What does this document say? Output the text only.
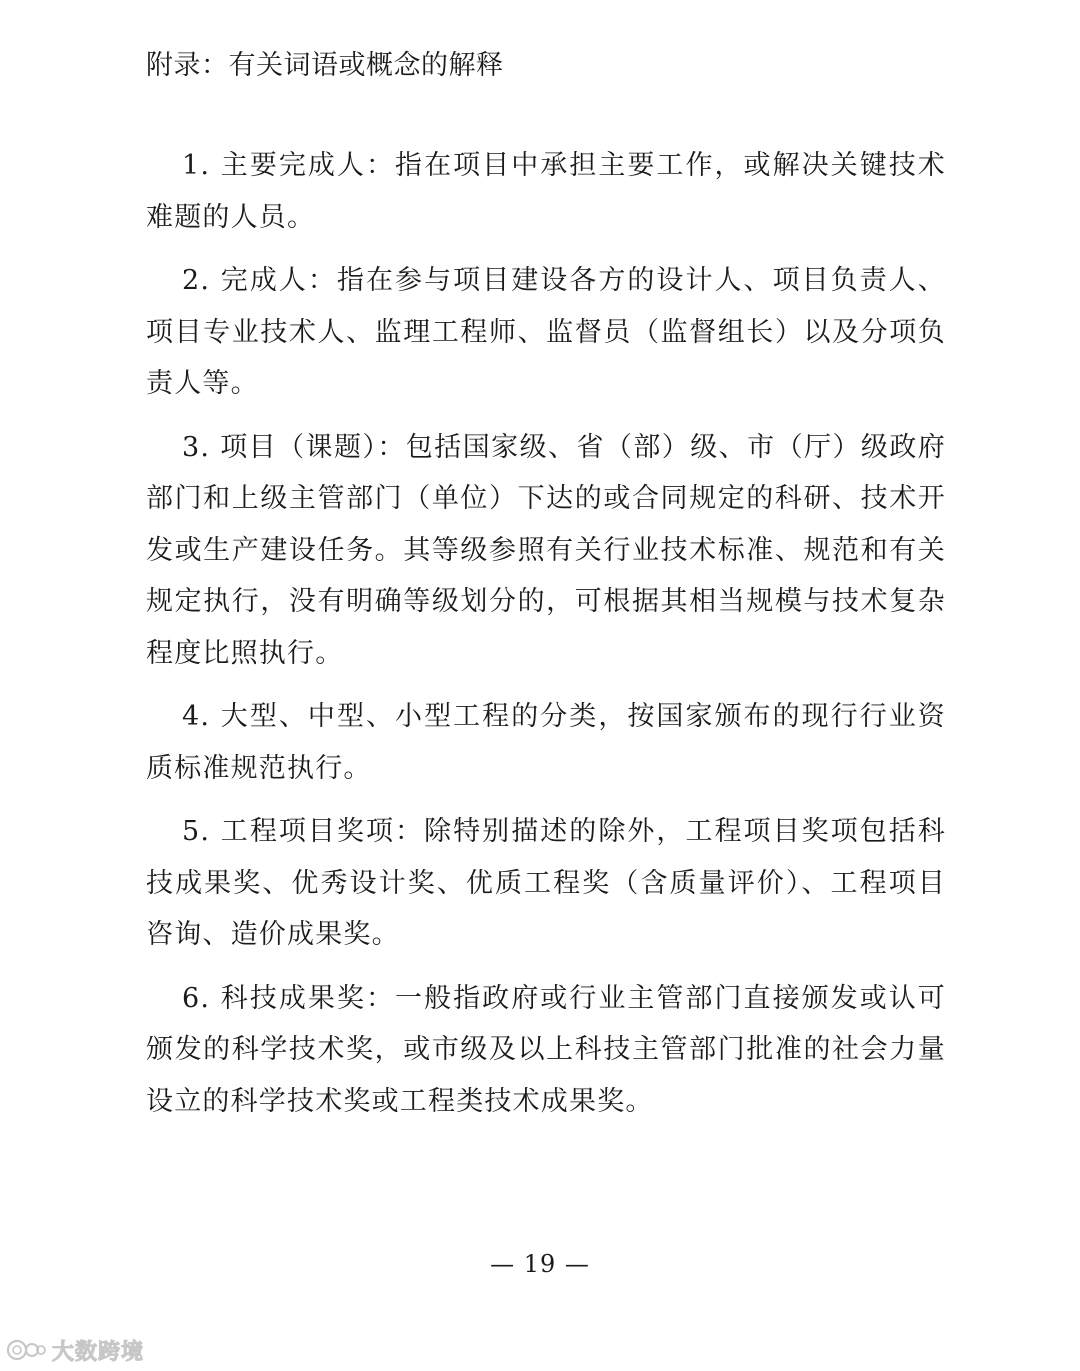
附录：有关词语或概念的解释

1. 主要完成人：指在项目中承担主要工作，或解决关键技术难题的人员。

2. 完成人：指在参与项目建设各方的设计人、项目负责人、项目专业技术人、监理工程师、监督员（监督组长）以及分项负责人等。

3. 项目（课题）：包括国家级、省（部）级、市（厅）级政府部门和上级主管部门（单位）下达的或合同规定的科研、技术开发或生产建设任务。其等级参照有关行业技术标准、规范和有关规定执行，没有明确等级划分的，可根据其相当规模与技术复杂程度比照执行。

4. 大型、中型、小型工程的分类，按国家颁布的现行行业资质标准规范执行。

5. 工程项目奖项：除特别描述的除外，工程项目奖项包括科技成果奖、优秀设计奖、优质工程奖（含质量评价）、工程项目咨询、造价成果奖。

6. 科技成果奖：一般指政府或行业主管部门直接颁发或认可颁发的科学技术奖，或市级及以上科技主管部门批准的社会力量设立的科学技术奖或工程类技术成果奖。

— 19 —
大数跨境
